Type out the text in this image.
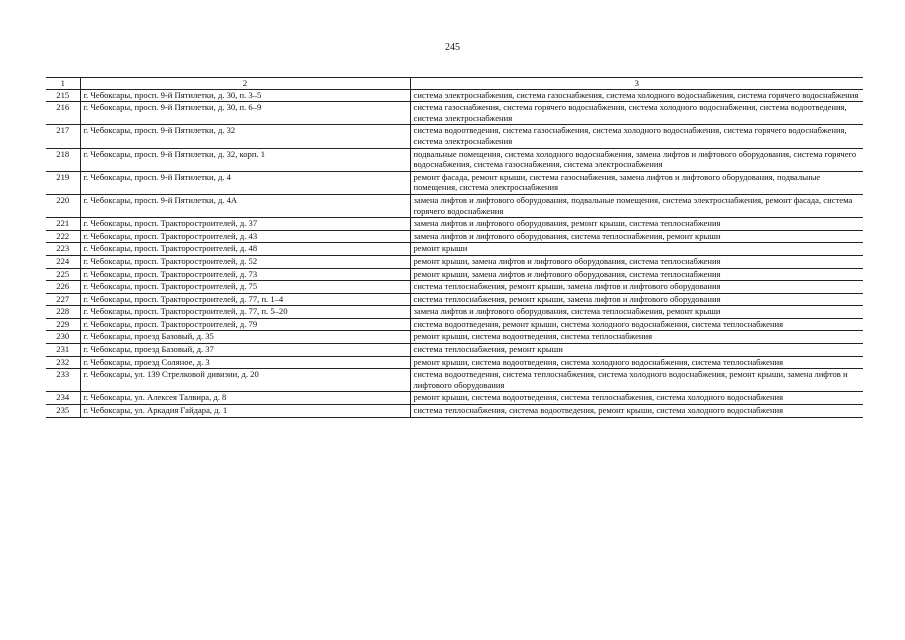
245
1	2	3
215	г. Чебоксары, просп. 9-й Пятилетки, д. 30, п. 3–5	система электроснабжения, система газоснабжения, система холодного водоснабжения, система горячего водоснабжения
216	г. Чебоксары, просп. 9-й Пятилетки, д. 30, п. 6–9	система газоснабжения, система горячего водоснабжения, система холодного водоснабжения, система водоотведения, система электроснабжения
217	г. Чебоксары, просп. 9-й Пятилетки, д. 32	система водоотведения, система газоснабжения, система холодного водоснабжения, система горячего водоснабжения, система электроснабжения
218	г. Чебоксары, просп. 9-й Пятилетки, д. 32, корп. 1	подвальные помещения, система холодного водоснабжения, замена лифтов и лифтового оборудования, система горячего водоснабжения, система газоснабжения, система электроснабжения
219	г. Чебоксары, просп. 9-й Пятилетки, д. 4	ремонт фасада, ремонт крыши, система газоснабжения, замена лифтов и лифтового оборудования, подвальные помещения, система электроснабжения
220	г. Чебоксары, просп. 9-й Пятилетки, д. 4А	замена лифтов и лифтового оборудования, подвальные помещения, система электроснабжения, ремонт фасада, система горячего водоснабжения
221	г. Чебоксары, просп. Тракторостроителей, д. 37	замена лифтов и лифтового оборудования, ремонт крыши, система теплоснабжения
222	г. Чебоксары, просп. Тракторостроителей, д. 43	замена лифтов и лифтового оборудования, система теплоснабжения, ремонт крыши
223	г. Чебоксары, просп. Тракторостроителей, д. 48	ремонт крыши
224	г. Чебоксары, просп. Тракторостроителей, д. 52	ремонт крыши, замена лифтов и лифтового оборудования, система теплоснабжения
225	г. Чебоксары, просп. Тракторостроителей, д. 73	ремонт крыши, замена лифтов и лифтового оборудования, система теплоснабжения
226	г. Чебоксары, просп. Тракторостроителей, д. 75	система теплоснабжения, ремонт крыши, замена лифтов и лифтового оборудования
227	г. Чебоксары, просп. Тракторостроителей, д. 77, п. 1–4	система теплоснабжения, ремонт крыши, замена лифтов и лифтового оборудования
228	г. Чебоксары, просп. Тракторостроителей, д. 77, п. 5–20	замена лифтов и лифтового оборудования, система теплоснабжения, ремонт крыши
229	г. Чебоксары, просп. Тракторостроителей, д. 79	система водоотведения, ремонт крыши, система холодного водоснабжения, система теплоснабжения
230	г. Чебоксары, проезд Базовый, д. 35	ремонт крыши, система водоотведения, система теплоснабжения
231	г. Чебоксары, проезд Базовый, д. 37	система теплоснабжения, ремонт крыши
232	г. Чебоксары, проезд Соляное, д. 3	ремонт крыши, система водоотведения, система холодного водоснабжения, система теплоснабжения
233	г. Чебоксары, ул. 139 Стрелковой дивизии, д. 20	система водоотведения, система теплоснабжения, система холодного водоснабжения, ремонт крыши, замена лифтов и лифтового оборудования
234	г. Чебоксары, ул. Алексея Талвира, д. 8	ремонт крыши, система водоотведения, система теплоснабжения, система холодного водоснабжения
235	г. Чебоксары, ул. Аркадия Гайдара, д. 1	система теплоснабжения, система водоотведения, ремонт крыши, система холодного водоснабжения
